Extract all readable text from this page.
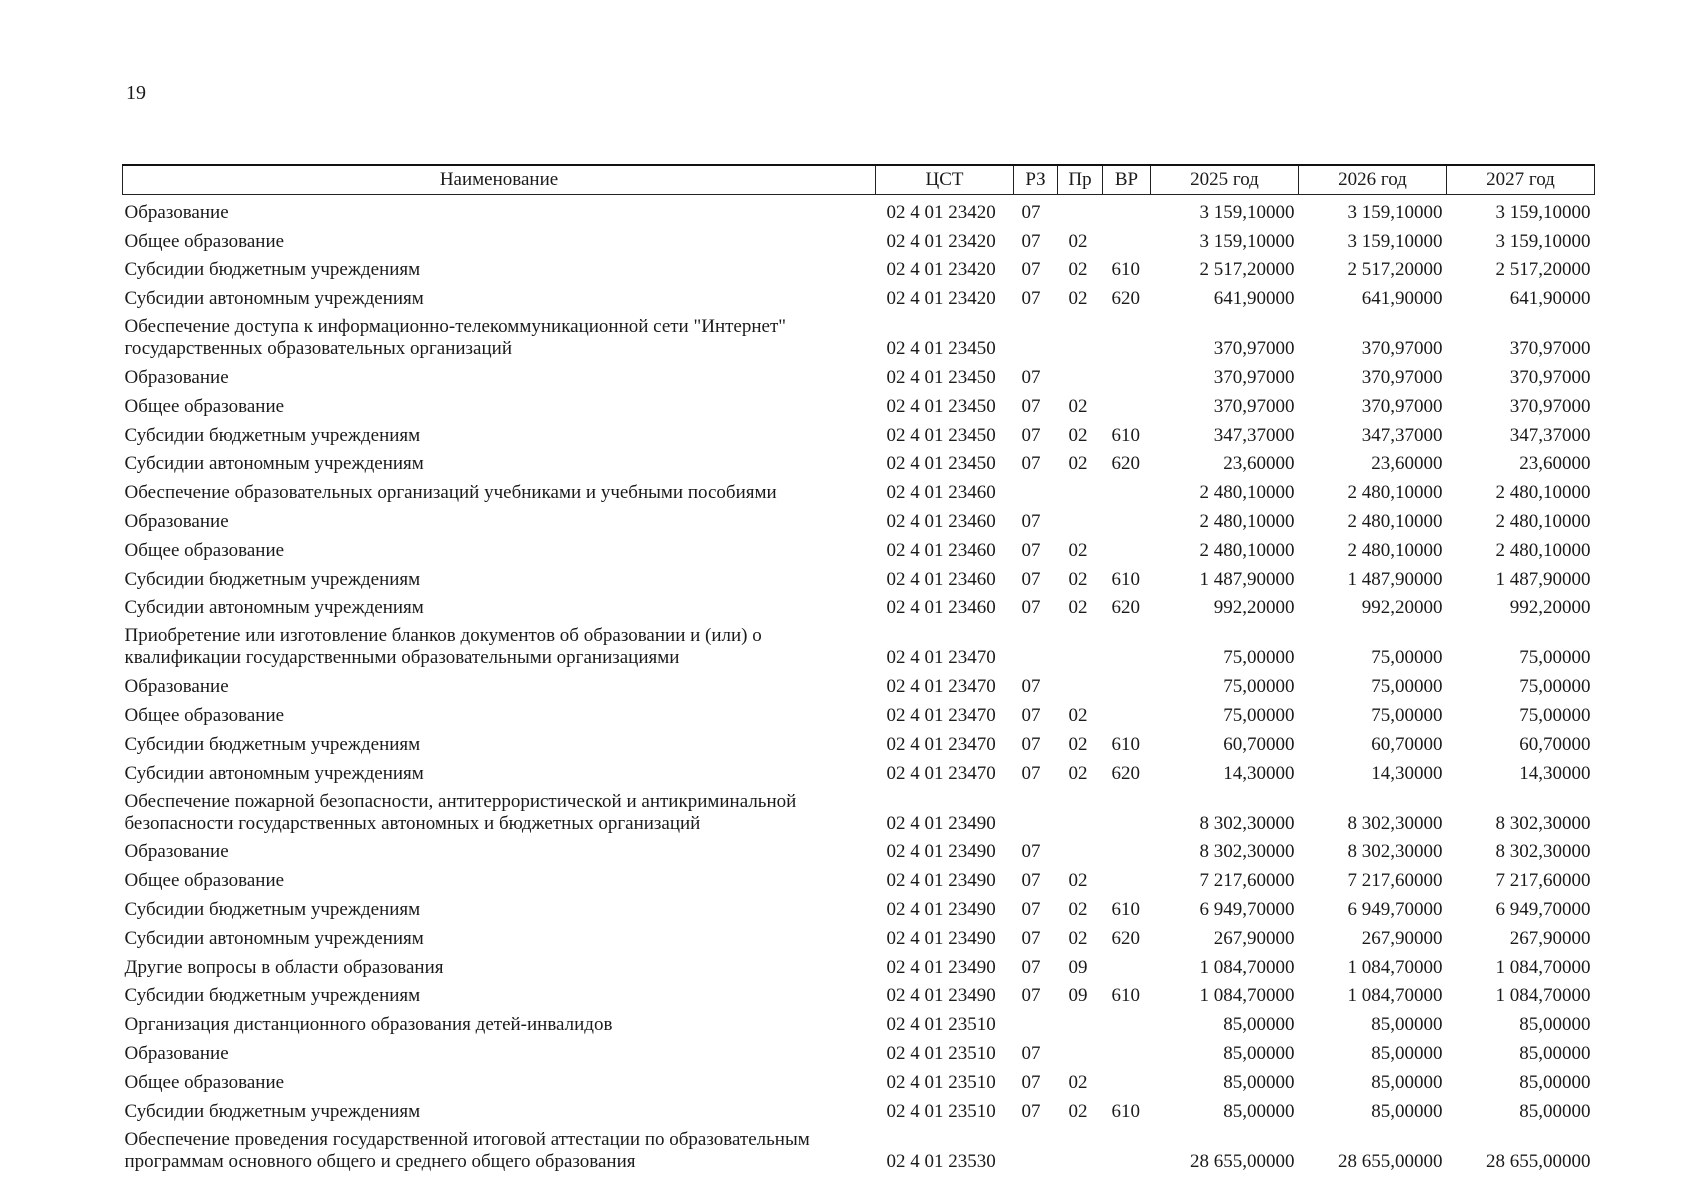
19
Наименование	ЦСТ	РЗ	Пр	ВР	2025 год	2026 год	2027 год
Образование	02 4 01 23420	07			3 159,10000	3 159,10000	3 159,10000
Общее образование	02 4 01 23420	07	02		3 159,10000	3 159,10000	3 159,10000
Субсидии бюджетным учреждениям	02 4 01 23420	07	02	610	2 517,20000	2 517,20000	2 517,20000
Субсидии автономным учреждениям	02 4 01 23420	07	02	620	641,90000	641,90000	641,90000
Обеспечение доступа к информационно-телекоммуникационной сети "Интернет" государственных образовательных организаций	02 4 01 23450				370,97000	370,97000	370,97000
Образование	02 4 01 23450	07			370,97000	370,97000	370,97000
Общее образование	02 4 01 23450	07	02		370,97000	370,97000	370,97000
Субсидии бюджетным учреждениям	02 4 01 23450	07	02	610	347,37000	347,37000	347,37000
Субсидии автономным учреждениям	02 4 01 23450	07	02	620	23,60000	23,60000	23,60000
Обеспечение образовательных организаций учебниками и учебными пособиями	02 4 01 23460				2 480,10000	2 480,10000	2 480,10000
Образование	02 4 01 23460	07			2 480,10000	2 480,10000	2 480,10000
Общее образование	02 4 01 23460	07	02		2 480,10000	2 480,10000	2 480,10000
Субсидии бюджетным учреждениям	02 4 01 23460	07	02	610	1 487,90000	1 487,90000	1 487,90000
Субсидии автономным учреждениям	02 4 01 23460	07	02	620	992,20000	992,20000	992,20000
Приобретение или изготовление бланков документов об образовании и (или) о квалификации государственными образовательными организациями	02 4 01 23470				75,00000	75,00000	75,00000
Образование	02 4 01 23470	07			75,00000	75,00000	75,00000
Общее образование	02 4 01 23470	07	02		75,00000	75,00000	75,00000
Субсидии бюджетным учреждениям	02 4 01 23470	07	02	610	60,70000	60,70000	60,70000
Субсидии автономным учреждениям	02 4 01 23470	07	02	620	14,30000	14,30000	14,30000
Обеспечение пожарной безопасности, антитеррористической и антикриминальной безопасности государственных автономных и бюджетных организаций	02 4 01 23490				8 302,30000	8 302,30000	8 302,30000
Образование	02 4 01 23490	07			8 302,30000	8 302,30000	8 302,30000
Общее образование	02 4 01 23490	07	02		7 217,60000	7 217,60000	7 217,60000
Субсидии бюджетным учреждениям	02 4 01 23490	07	02	610	6 949,70000	6 949,70000	6 949,70000
Субсидии автономным учреждениям	02 4 01 23490	07	02	620	267,90000	267,90000	267,90000
Другие вопросы в области образования	02 4 01 23490	07	09		1 084,70000	1 084,70000	1 084,70000
Субсидии бюджетным учреждениям	02 4 01 23490	07	09	610	1 084,70000	1 084,70000	1 084,70000
Организация дистанционного образования детей-инвалидов	02 4 01 23510				85,00000	85,00000	85,00000
Образование	02 4 01 23510	07			85,00000	85,00000	85,00000
Общее образование	02 4 01 23510	07	02		85,00000	85,00000	85,00000
Субсидии бюджетным учреждениям	02 4 01 23510	07	02	610	85,00000	85,00000	85,00000
Обеспечение проведения государственной итоговой аттестации по образовательным программам основного общего и среднего общего образования	02 4 01 23530				28 655,00000	28 655,00000	28 655,00000
